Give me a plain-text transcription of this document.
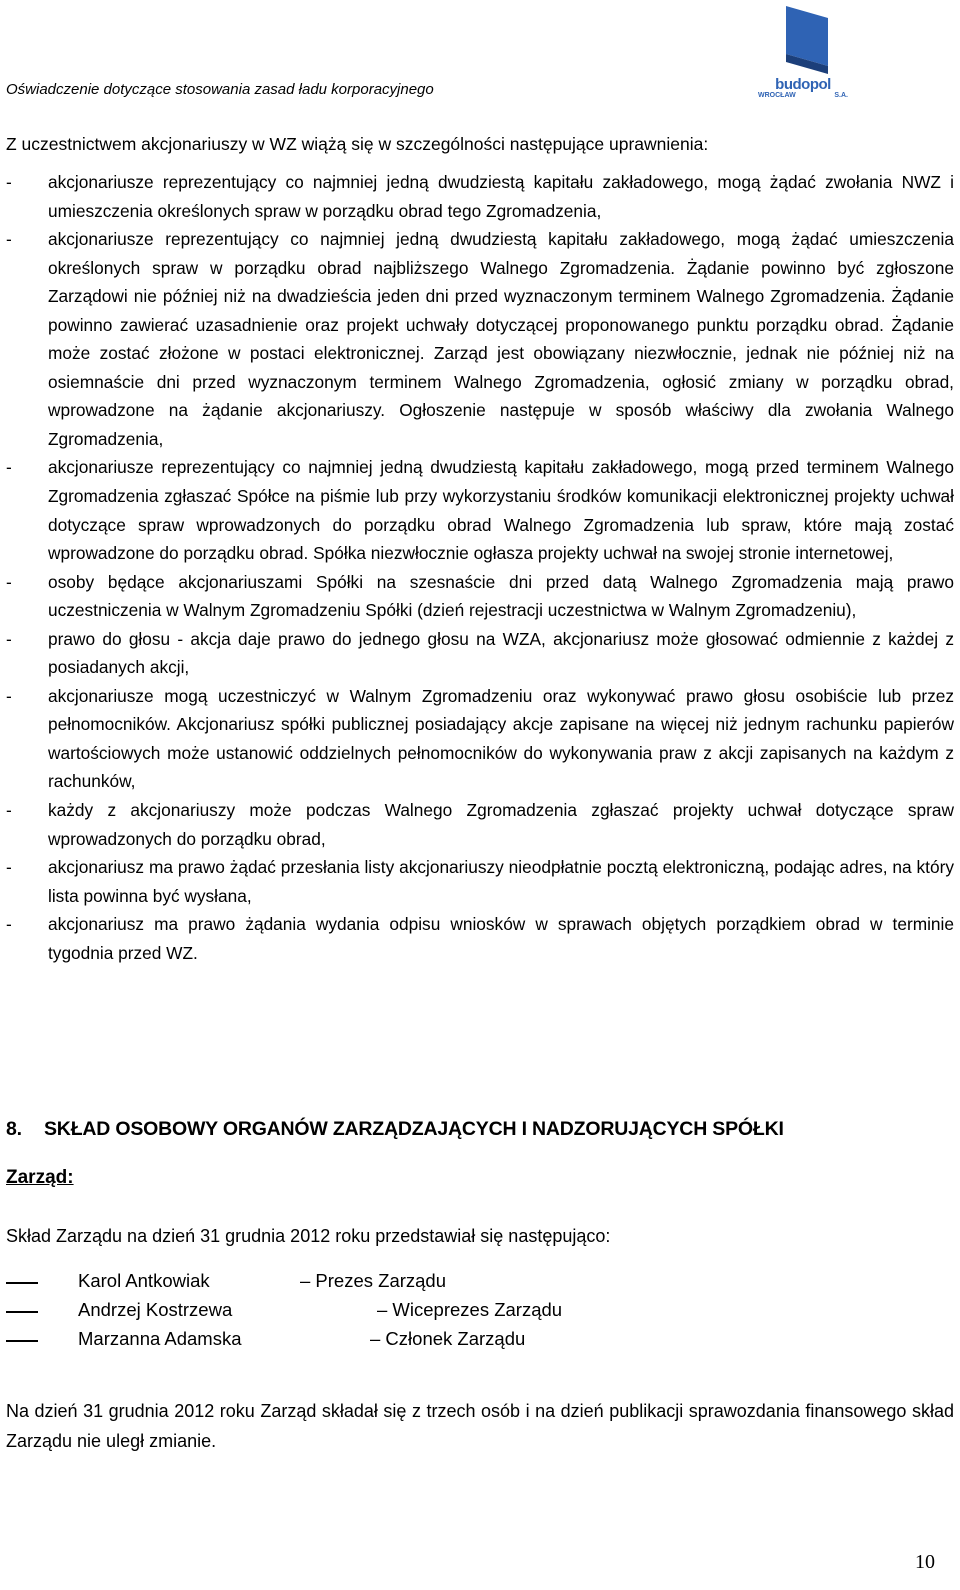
Oświadczenie dotyczące stosowania zasad ładu korporacyjnego	budopol
WROCŁAW	S.A.
Z uczestnictwem akcjonariuszy w WZ wiążą się w szczególności następujące uprawnienia:
- akcjonariusze reprezentujący co najmniej jedną dwudziestą kapitału zakładowego, mogą żądać zwołania NWZ i umieszczenia określonych spraw w porządku obrad tego Zgromadzenia,
- akcjonariusze reprezentujący co najmniej jedną dwudziestą kapitału zakładowego, mogą żądać umieszczenia określonych spraw w porządku obrad najbliższego Walnego Zgromadzenia. Żądanie powinno być zgłoszone Zarządowi nie później niż na dwadzieścia jeden dni przed wyznaczonym terminem Walnego Zgromadzenia. Żądanie powinno zawierać uzasadnienie oraz projekt uchwały dotyczącej proponowanego punktu porządku obrad. Żądanie może zostać złożone w postaci elektronicznej. Zarząd jest obowiązany niezwłocznie, jednak nie później niż na osiemnaście dni przed wyznaczonym terminem Walnego Zgromadzenia, ogłosić zmiany w porządku obrad, wprowadzone na żądanie akcjonariuszy. Ogłoszenie następuje w sposób właściwy dla zwołania Walnego Zgromadzenia,
- akcjonariusze reprezentujący co najmniej jedną dwudziestą kapitału zakładowego, mogą przed terminem Walnego Zgromadzenia zgłaszać Spółce na piśmie lub przy wykorzystaniu środków komunikacji elektronicznej projekty uchwał dotyczące spraw wprowadzonych do porządku obrad Walnego Zgromadzenia lub spraw, które mają zostać wprowadzone do porządku obrad. Spółka niezwłocznie ogłasza projekty uchwał na swojej stronie internetowej,
- osoby będące akcjonariuszami Spółki na szesnaście dni przed datą Walnego Zgromadzenia mają prawo uczestniczenia w Walnym Zgromadzeniu Spółki (dzień rejestracji uczestnictwa w Walnym Zgromadzeniu),
- prawo do głosu - akcja daje prawo do jednego głosu na WZA, akcjonariusz może głosować odmiennie z każdej z posiadanych akcji,
- akcjonariusze mogą uczestniczyć w Walnym Zgromadzeniu oraz wykonywać prawo głosu osobiście lub przez pełnomocników. Akcjonariusz spółki publicznej posiadający akcje zapisane na więcej niż jednym rachunku papierów wartościowych może ustanowić oddzielnych pełnomocników do wykonywania praw z akcji zapisanych na każdym z rachunków,
- każdy z akcjonariuszy może podczas Walnego Zgromadzenia zgłaszać projekty uchwał dotyczące spraw wprowadzonych do porządku obrad,
- akcjonariusz ma prawo żądać przesłania listy akcjonariuszy nieodpłatnie pocztą elektroniczną, podając adres, na który lista powinna być wysłana,
- akcjonariusz ma prawo żądania wydania odpisu wniosków w sprawach objętych porządkiem obrad w terminie tygodnia przed WZ.
8. SKŁAD OSOBOWY ORGANÓW ZARZĄDZAJĄCYCH I NADZORUJĄCYCH SPÓŁKI
Zarząd:
Skład Zarządu na dzień 31 grudnia 2012 roku przedstawiał się następująco:
Karol Antkowiak	– Prezes Zarządu
Andrzej Kostrzewa	– Wiceprezes Zarządu
Marzanna Adamska	– Członek Zarządu
Na dzień 31 grudnia 2012 roku Zarząd składał się z trzech osób i na dzień publikacji sprawozdania finansowego skład Zarządu nie uległ zmianie.
10
